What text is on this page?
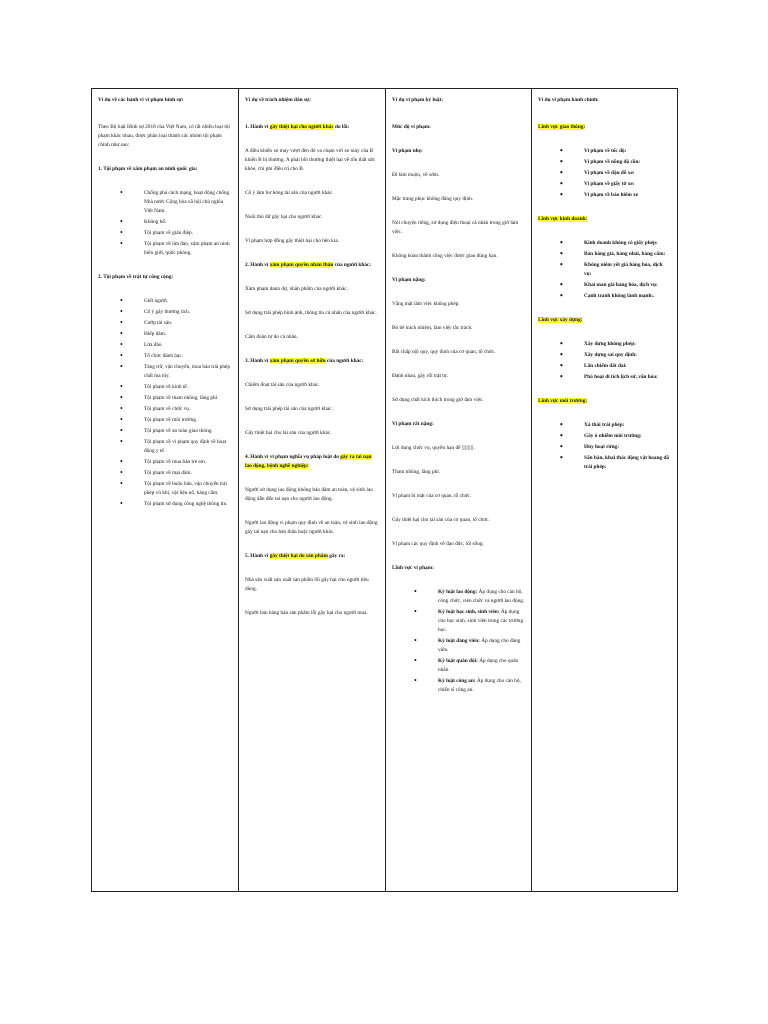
Ví dụ về các hành vi vi phạm hình sự:

Theo Bộ luật Hình sự 2018 của Việt Nam, có rất nhiều loại tội phạm khác nhau, được phân loại thành các nhóm tội phạm chính như sau:

1. Tội phạm về xâm phạm an ninh quốc gia:

• Chống phá cách mạng, hoạt động chống Nhà nước Cộng hòa xã hội chủ nghĩa Việt Nam.
• Khủng bố.
• Tội phạm về gián điệp.
• Tội phạm về lừa đảo, xâm phạm an ninh biên giới, quốc phòng.

2. Tội phạm về trật tự công cộng:

• Giết người.
• Cố ý gây thương tích.
• Cướp tài sản.
• Hiếp dâm.
• Lừa đảo.
• Tổ chức đánh bạc.
• Tàng trữ, vận chuyển, mua bán trái phép chất ma túy.
• Tội phạm về kinh tế.
• Tội phạm về tham nhũng, lãng phí.
• Tội phạm về chức vụ.
• Tội phạm về môi trường.
• Tội phạm về an toàn giao thông.
• Tội phạm về vi phạm quy định về hoạt động y tế.
• Tội phạm về mua bán trẻ em.
• Tội phạm về mại dâm.
• Tội phạm về buôn bán, vận chuyển trái phép vũ khí, vật liệu nổ, hàng cấm.
• Tội phạm sử dụng công nghệ thông tin.
Ví dụ về trách nhiệm dân sự:

1. Hành vi gây thiệt hại cho người khác do lỗi:

A điều khiển xe máy vượt đèn đỏ va chạm với xe máy của B khiến B bị thương. A phải bồi thường thiệt hại về tổn thất sức khỏe, chi phí điều trị cho B.

Cố ý làm hư hỏng tài sản của người khác.

Nuôi thú dữ gây hại cho người khác.

Vi phạm hợp đồng gây thiệt hại cho bên kia.

2. Hành vi xâm phạm quyền nhân thân của người khác:

Xâm phạm danh dự, nhân phẩm của người khác.

Sử dụng trái phép hình ảnh, thông tin cá nhân của người khác.

Cấm đoán tự do cá nhân.

3. Hành vi xâm phạm quyền sở hữu của người khác:

Chiếm đoạt tài sản của người khác.

Sử dụng trái phép tài sản của người khác.

Gây thiệt hại cho tài sản của người khác.

4. Hành vi vi phạm nghĩa vụ pháp luật do gây ra tai nạn lao động, bệnh nghề nghiệp:

Người sử dụng lao động không bảo đảm an toàn, vệ sinh lao động dẫn đến tai nạn cho người lao động.

Người lao động vi phạm quy định về an toàn, vệ sinh lao động gây tai nạn cho bản thân hoặc người khác.

5. Hành vi gây thiệt hại do sản phẩm gây ra:

Nhà sản xuất sản xuất sản phẩm lỗi gây hại cho người tiêu dùng.

Người bán hàng bán sản phẩm lỗi gây hại cho người mua.

Ví dụ vi phạm kỷ luật:

Mức độ vi phạm:

Vi phạm nhẹ:

Đi làm muộn, về sớm.

Mặc trang phục không đúng quy định.

Nói chuyện riêng, sử dụng điện thoại cá nhân trong giờ làm việc.

Không hoàn thành công việc được giao đúng hạn.

Vi phạm nặng:

Vắng mặt làm việc không phép.

Bỏ bê trách nhiệm, làm việc tắc trách.

Bất chấp nội quy, quy định của cơ quan, tổ chức.

Đánh nhau, gây rối trật tự.

Sử dụng chất kích thích trong giờ làm việc.

Vi phạm rất nặng:

Lợi dụng chức vụ, quyền hạn để ▯▯▯▯.

Tham nhũng, lãng phí.

Vi phạm bí mật của cơ quan, tổ chức.

Gây thiệt hại cho tài sản của cơ quan, tổ chức.

Vi phạm các quy định về đạo đức, lối sống.

Lĩnh vực vi phạm:

• Kỷ luật lao động: Áp dụng cho cán bộ, công chức, viên chức và người lao động.
• Kỷ luật học sinh, sinh viên: Áp dụng cho học sinh, sinh viên trong các trường học.
• Kỷ luật đảng viên: Áp dụng cho đảng viên.
• Kỷ luật quân đội: Áp dụng cho quân nhân.
• Kỷ luật công an: Áp dụng cho cán bộ, chiến sĩ công an.
Ví dụ vi phạm hành chính:

Lĩnh vực giao thông:

• Vi phạm về tốc độ:
• Vi phạm về nồng độ cồn:
• Vi phạm về đậu đỗ xe:
• Vi phạm về giấy tờ xe:
• Vi phạm về bảo hiểm xe

Lĩnh vực kinh doanh:

• Kinh doanh không có giấy phép:
• Bán hàng giả, hàng nhái, hàng cấm:
• Không niêm yết giá hàng hóa, dịch vụ:
• Khai man giá hàng hóa, dịch vụ:
• Cạnh tranh không lành mạnh:.

Lĩnh vực xây dựng:

• Xây dựng không phép:
• Xây dựng sai quy định:
• Lấn chiếm đất đai:
• Phá hoại di tích lịch sử, văn hóa:

Lĩnh vực môi trường:

• Xả thải trái phép:
• Gây ô nhiễm môi trường:
• Hủy hoại rừng:
• Săn bắn, khai thác động vật hoang dã trái phép:
